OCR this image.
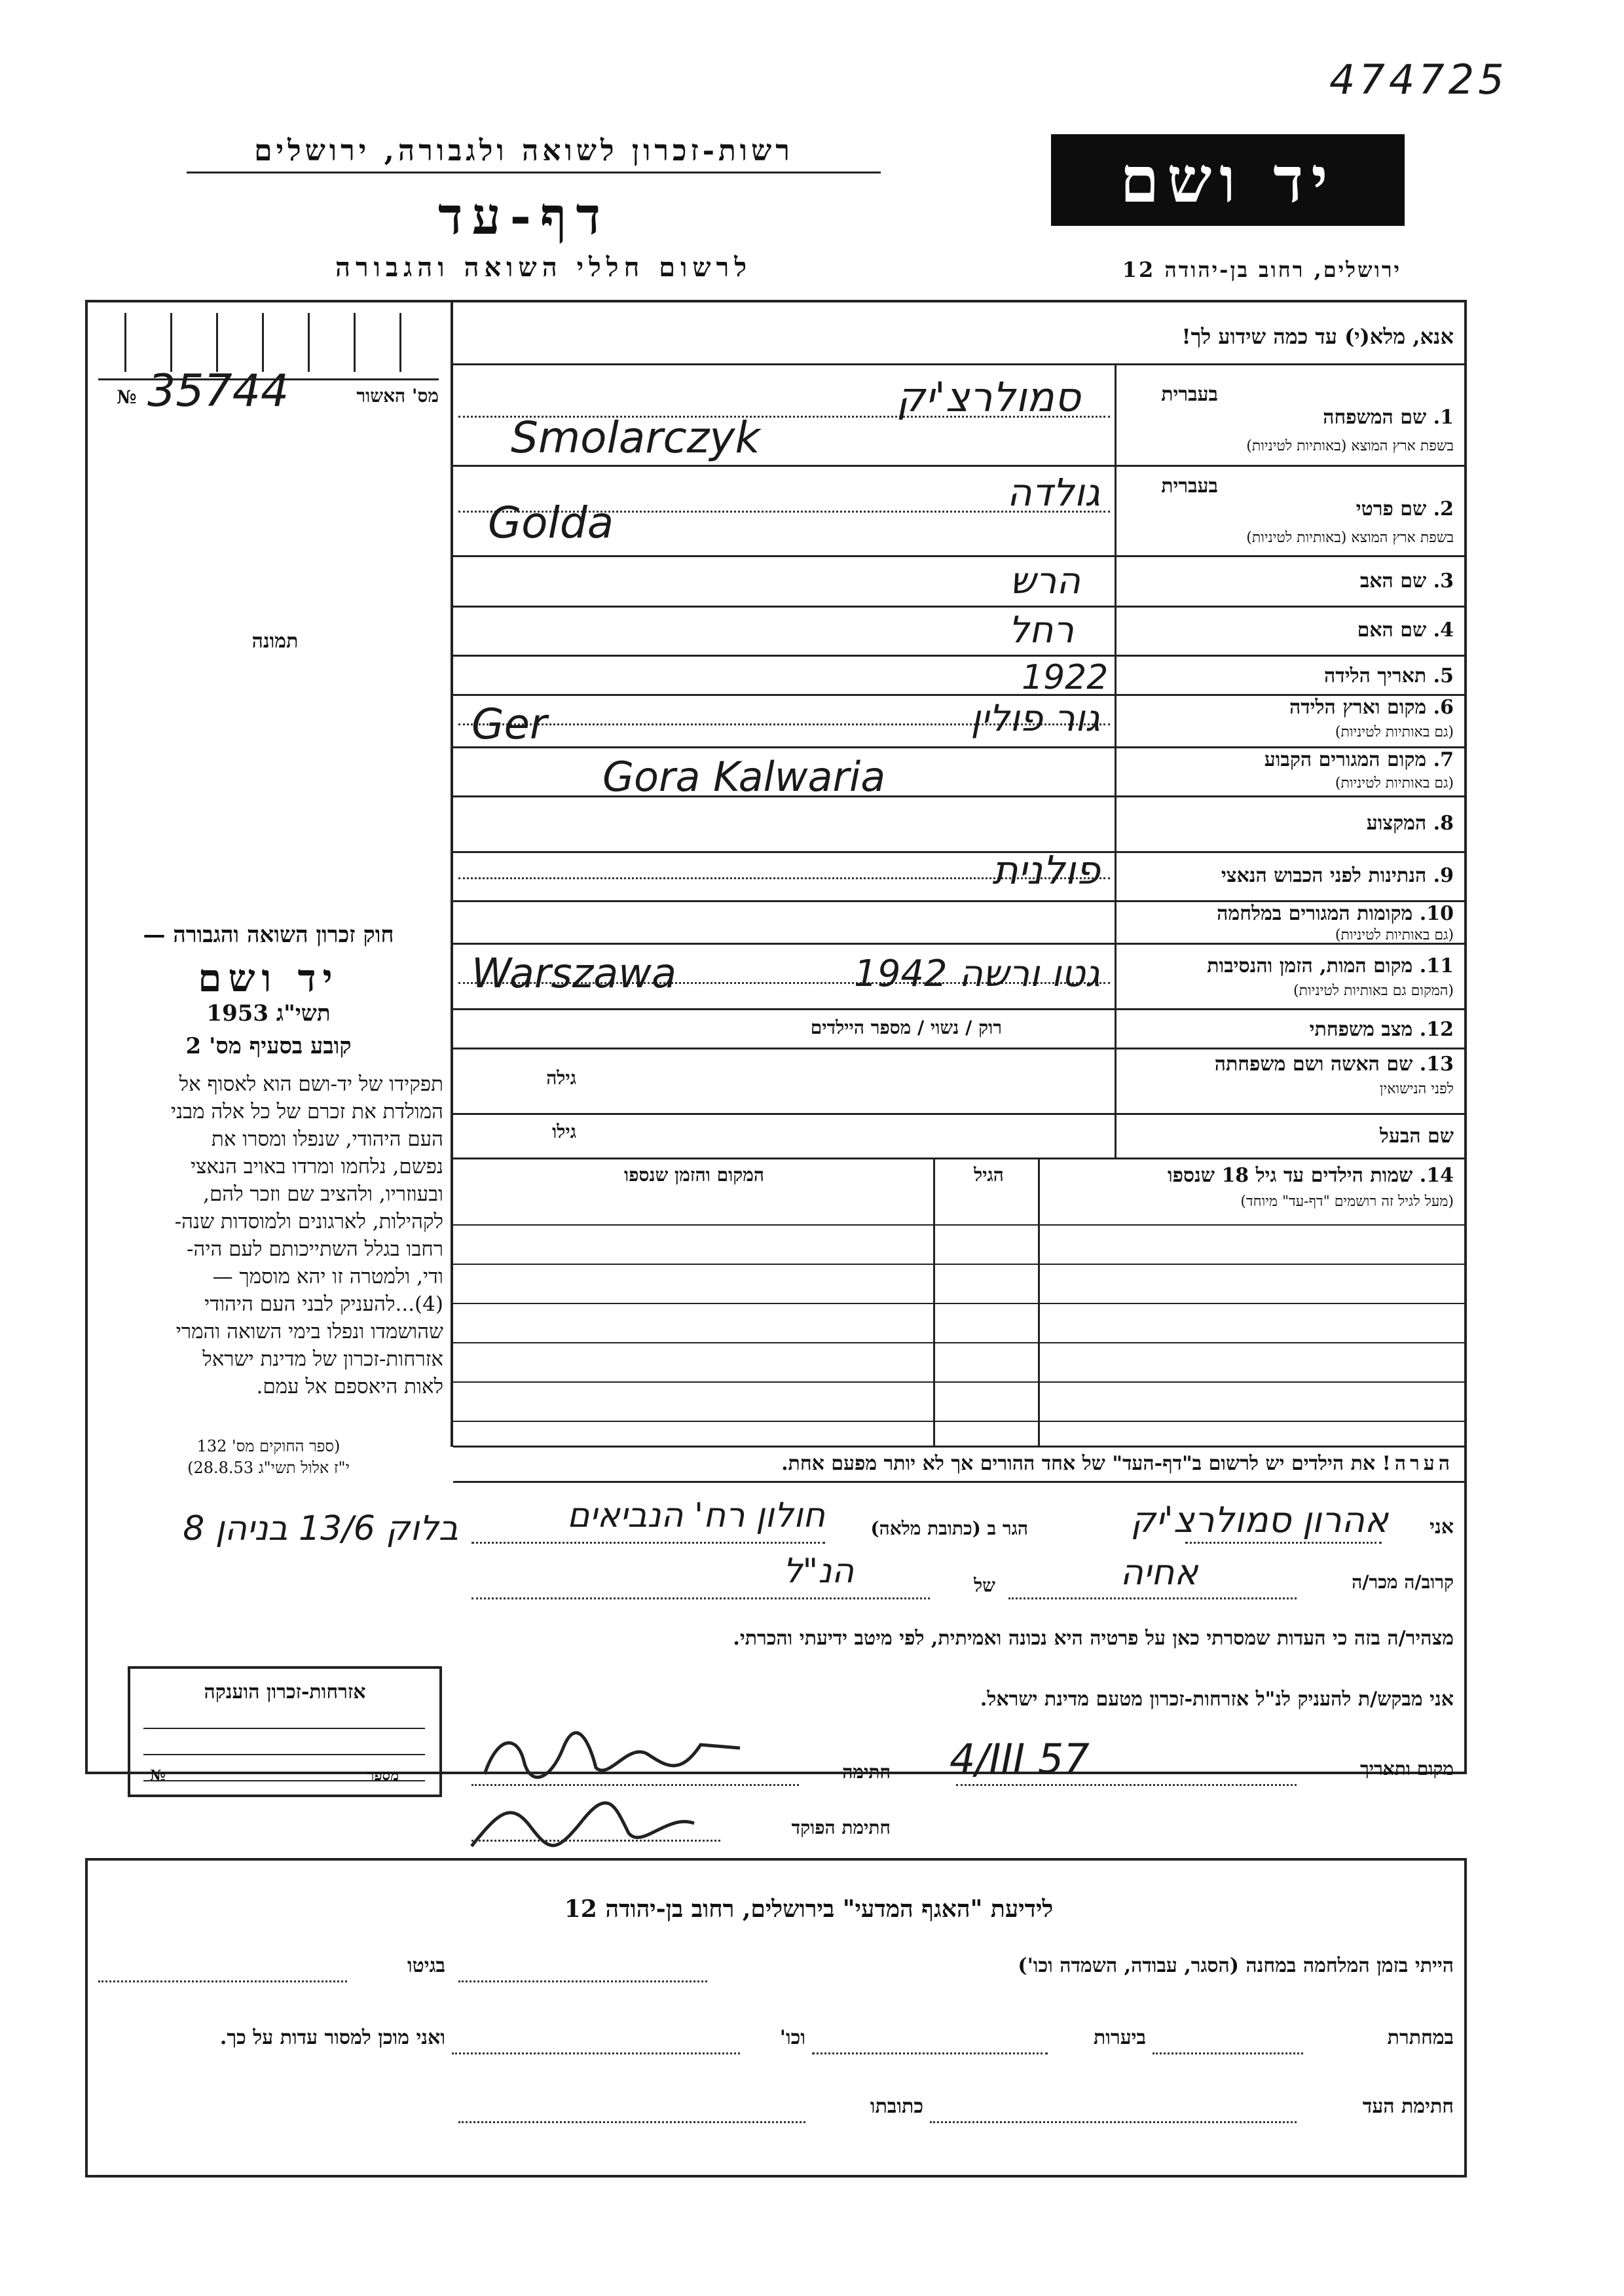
474725
רשות-זכרון לשואה ולגבורה, ירושלים
דף-עד
לרשום חללי השואה והגבורה
יד ושם
ירושלים, רחוב בן-יהודה 12
מס' האשור
№ 35744
תמונה
חוק זכרון השואה והגבורה —
יד ושם
תשי"ג 1953
קובע בסעיף מס' 2
תפקידו של יד-ושם הוא לאסוף אל
המולדת את זכרם של כל אלה מבני
העם היהודי, שנפלו ומסרו את
נפשם, נלחמו ומרדו באויב הנאצי
ובעוזריו, ולהציב שם וזכר להם,
לקהילות, לארגונים ולמוסדות שנה-
רחבו בגלל השתייכותם לעם היה-
ודי, ולמטרה זו יהא מוסמך —
(4)...להעניק לבני העם היהודי
שהושמדו ונפלו בימי השואה והמרי
אזרחות-זכרון של מדינת ישראל
לאות היאספם אל עמם.
(ספר החוקים מס' 132
י"ז אלול תשי"ג 28.8.53)
אנא, מלא(י) עד כמה שידוע לך!
בעברית
1. שם המשפחה
בשפת ארץ המוצא (באותיות לטיניות)
סמולרצ'יק
Smolarczyk
בעברית
2. שם פרטי
בשפת ארץ המוצא (באותיות לטיניות)
גולדה
Golda
3. שם האב
הרש
4. שם האם
רחל
5. תאריך הלידה
1922
6. מקום וארץ הלידה
(גם באותיות לטיניות)
גור פולין
Ger
7. מקום המגורים הקבוע
(גם באותיות לטיניות)
Gora Kalwaria
8. המקצוע
9. הנתינות לפני הכבוש הנאצי
פולנית
10. מקומות המגורים במלחמה
(גם באותיות לטיניות)
11. מקום המות, הזמן והנסיבות
(המקום גם באותיות לטיניות)
Warszawa	גטו ורשה 1942
12. מצב משפחתי
רוק / נשוי / מספר היילדים
13. שם האשה ושם משפחתה
לפני הנישואין
גילה
שם הבעל
גילו
14. שמות הילדים עד גיל 18 שנספו
(מעל לגיל זה רושמים "דף-עד" מיוחד)
הגיל
המקום והזמן שנספו
הערה! את הילדים יש לרשום ב"דף-העד" של אחד ההורים אך לא יותר מפעם אחת.
אני
אהרון סמולרצ'יק
הגר ב (כתובת מלאה)
חולון רח' הנביאים
בלוק 13/6 בניהן 8
קרוב/ה מכר/ה
אחיה
של
הנ"ל
מצהיר/ה בזה כי העדות שמסרתי כאן על פרטיה היא נכונה ואמיתית, לפי מיטב ידיעתי והכרתי.
אני מבקש/ת להעניק לנ"ל אזרחות-זכרון מטעם מדינת ישראל.
מקום ותאריך
4/III 57
חתימה
חתימת הפוקד
אזרחות-זכרון הוענקה
№	מספר
לידיעת "האגף המדעי" בירושלים, רחוב בן-יהודה 12
הייתי בזמן המלחמה במחנה (הסגר, עבודה, השמדה וכו')
בגיטו
במחתרת
ביערות
וכו'
ואני מוכן למסור עדות על כך.
חתימת העד
כתובתו
